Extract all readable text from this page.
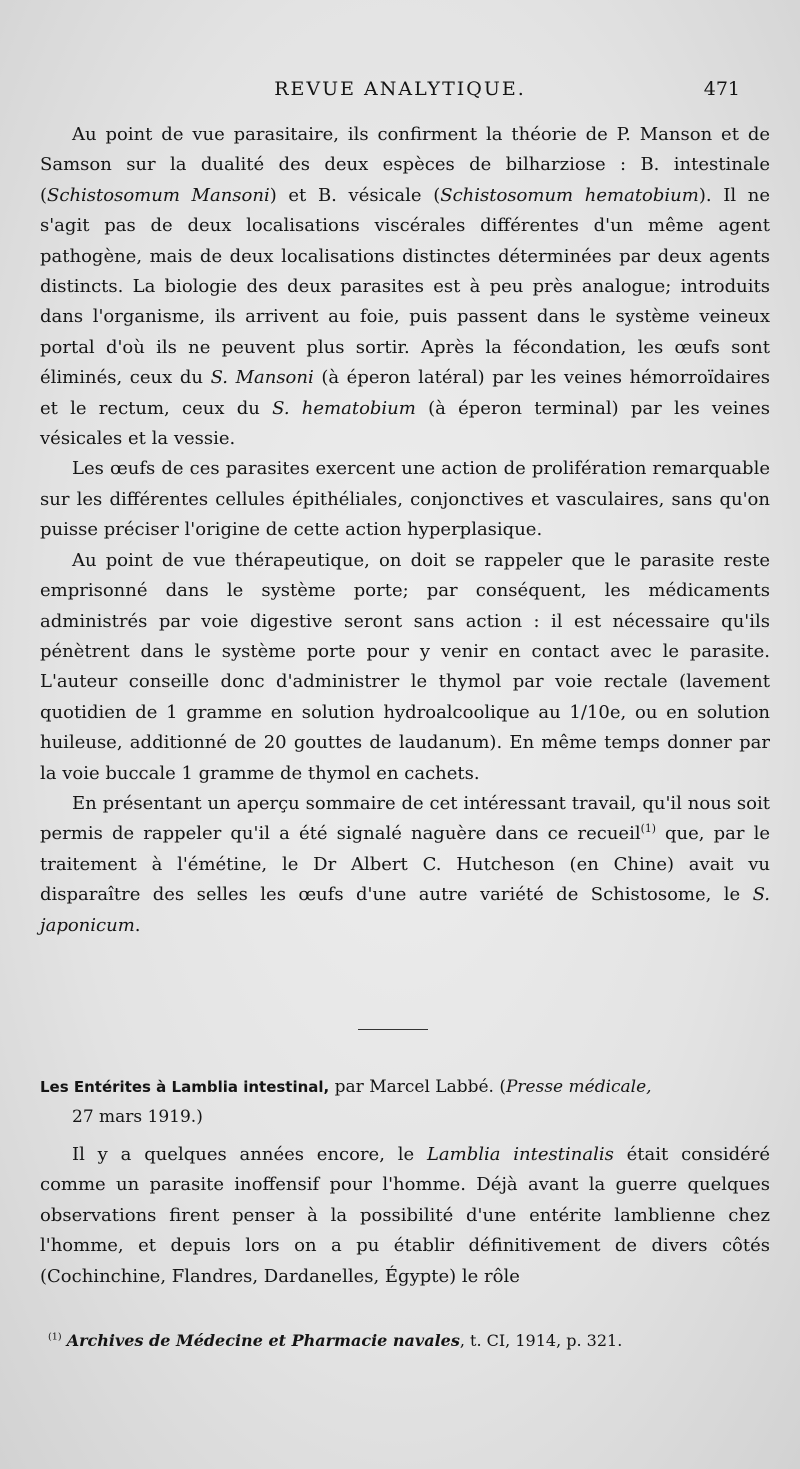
REVUE ANALYTIQUE.	471

Au point de vue parasitaire, ils confirment la théorie de P. Manson et de Samson sur la dualité des deux espèces de bilharziose : B. intestinale (Schistosomum Mansoni) et B. vésicale (Schistosomum hematobium). Il ne s'agit pas de deux localisations viscérales différentes d'un même agent pathogène, mais de deux localisations distinctes déterminées par deux agents distincts. La biologie des deux parasites est à peu près analogue; introduits dans l'organisme, ils arrivent au foie, puis passent dans le système veineux portal d'où ils ne peuvent plus sortir. Après la fécondation, les œufs sont éliminés, ceux du S. Mansoni (à éperon latéral) par les veines hémorroïdaires et le rectum, ceux du S. hematobium (à éperon terminal) par les veines vésicales et la vessie.

Les œufs de ces parasites exercent une action de prolifération remarquable sur les différentes cellules épithéliales, conjonctives et vasculaires, sans qu'on puisse préciser l'origine de cette action hyperplasique.

Au point de vue thérapeutique, on doit se rappeler que le parasite reste emprisonné dans le système porte; par conséquent, les médicaments administrés par voie digestive seront sans action : il est nécessaire qu'ils pénètrent dans le système porte pour y venir en contact avec le parasite. L'auteur conseille donc d'administrer le thymol par voie rectale (lavement quotidien de 1 gramme en solution hydroalcoolique au 1/10e, ou en solution huileuse, additionné de 20 gouttes de laudanum). En même temps donner par la voie buccale 1 gramme de thymol en cachets.

En présentant un aperçu sommaire de cet intéressant travail, qu'il nous soit permis de rappeler qu'il a été signalé naguère dans ce recueil$^{(1)}$ que, par le traitement à l'émétine, le Dr Albert C. Hutcheson (en Chine) avait vu disparaître des selles les œufs d'une autre variété de Schistosome, le S. japonicum.

Les Entérites à Lamblia intestinal, par Marcel Labbé. (Presse médicale,
27 mars 1919.)

Il y a quelques années encore, le Lamblia intestinalis était considéré comme un parasite inoffensif pour l'homme. Déjà avant la guerre quelques observations firent penser à la possibilité d'une entérite lamblienne chez l'homme, et depuis lors on a pu établir définitivement de divers côtés (Cochinchine, Flandres, Dardanelles, Égypte) le rôle

$^{(1)}$ Archives de Médecine et Pharmacie navales, t. CI, 1914, p. 321.
